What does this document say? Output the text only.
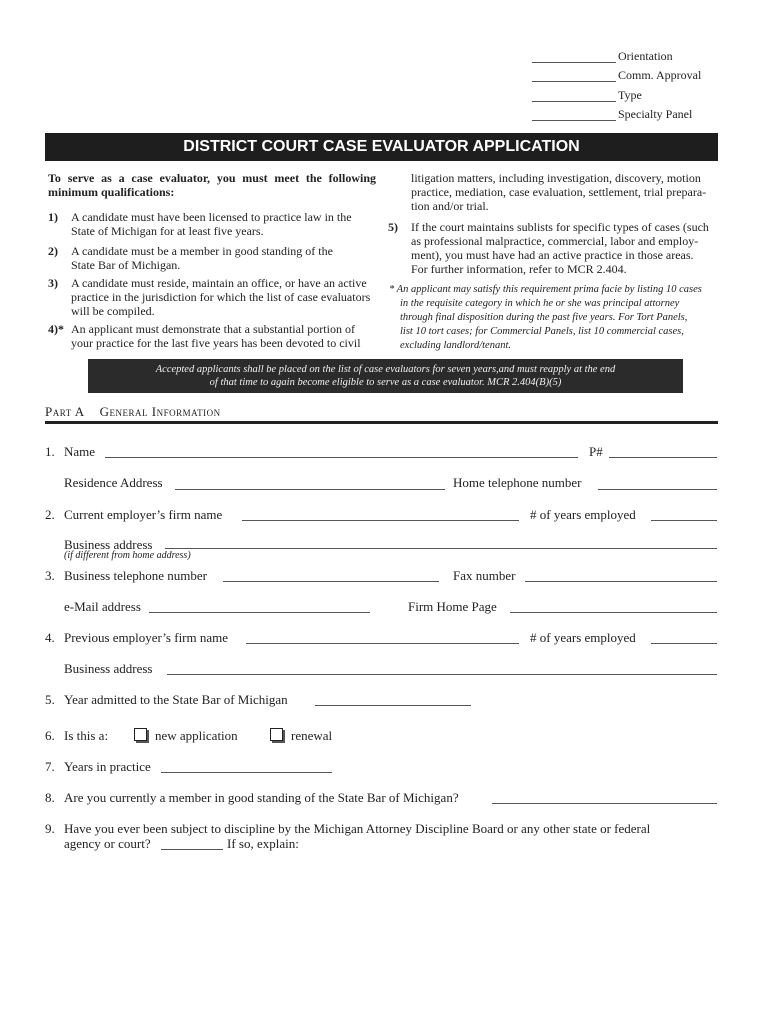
Orientation
Comm. Approval
Type
Specialty Panel
DISTRICT COURT CASE EVALUATOR APPLICATION
To serve as a case evaluator, you must meet the following minimum qualifications:
1) A candidate must have been licensed to practice law in the
State of Michigan for at least five years.
2) A candidate must be a member in good standing of the
State Bar of Michigan.
3) A candidate must reside, maintain an office, or have an active
practice in the jurisdiction for which the list of case evaluators
will be compiled.
4)* An applicant must demonstrate that a substantial portion of
your practice for the last five years has been devoted to civil
litigation matters, including investigation, discovery, motion
practice, mediation, case evaluation, settlement, trial prepara-
tion and/or trial.
5) If the court maintains sublists for specific types of cases (such
as professional malpractice, commercial, labor and employ-
ment), you must have had an active practice in those areas.
For further information, refer to MCR 2.404.
* An applicant may satisfy this requirement prima facie by listing 10 cases
in the requisite category in which he or she was principal attorney
through final disposition during the past five years. For Tort Panels,
list 10 tort cases; for Commercial Panels, list 10 commercial cases,
excluding landlord/tenant.
Accepted applicants shall be placed on the list of case evaluators for seven years,and must reapply at the end
of that time to again become eligible to serve as a case evaluator. MCR 2.404(B)(5)
Part A General Information
1. Name	P#
Residence Address	Home telephone number
2. Current employer’s firm name	# of years employed
Business address
(if different from home address)
3. Business telephone number	Fax number
e-Mail address	Firm Home Page
4. Previous employer’s firm name	# of years employed
Business address
5. Year admitted to the State Bar of Michigan
6. Is this a:	new application	renewal
7. Years in practice
8. Are you currently a member in good standing of the State Bar of Michigan?
9. Have you ever been subject to discipline by the Michigan Attorney Discipline Board or any other state or federal
agency or court?	If so, explain:
